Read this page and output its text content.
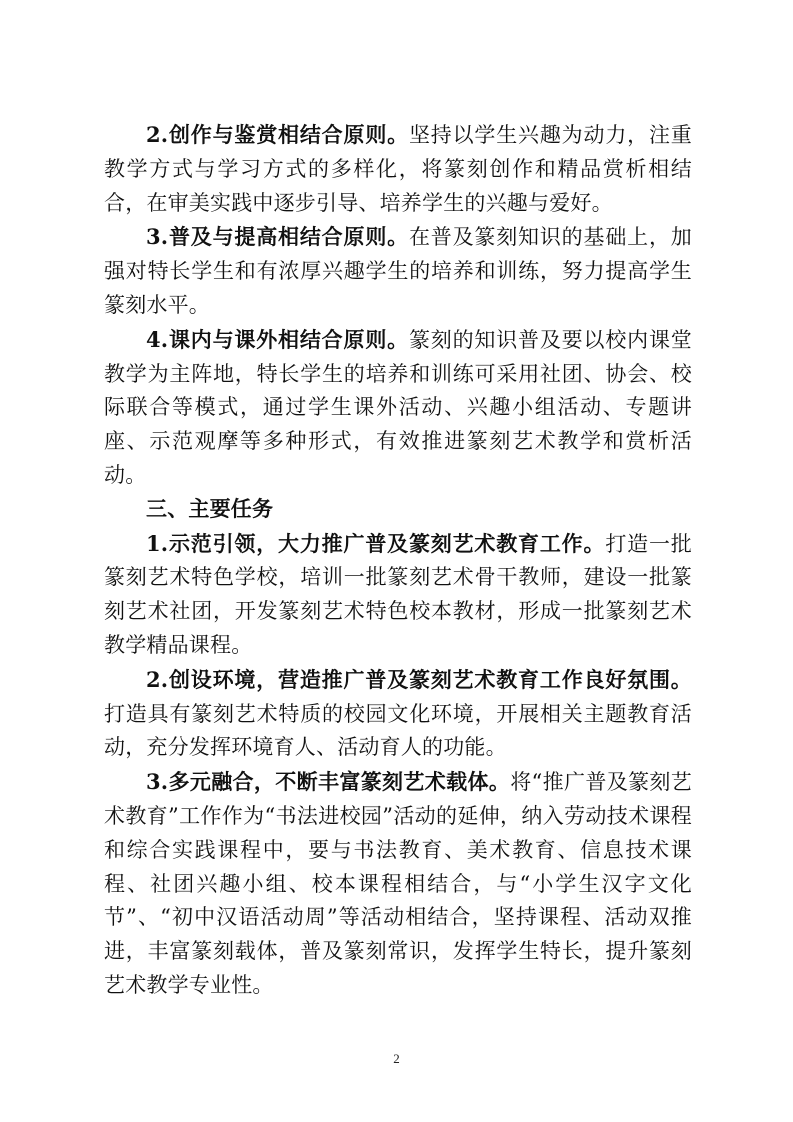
2.创作与鉴赏相结合原则。坚持以学生兴趣为动力，注重教学方式与学习方式的多样化，将篆刻创作和精品赏析相结合，在审美实践中逐步引导、培养学生的兴趣与爱好。

3.普及与提高相结合原则。在普及篆刻知识的基础上，加强对特长学生和有浓厚兴趣学生的培养和训练，努力提高学生篆刻水平。

4.课内与课外相结合原则。篆刻的知识普及要以校内课堂教学为主阵地，特长学生的培养和训练可采用社团、协会、校际联合等模式，通过学生课外活动、兴趣小组活动、专题讲座、示范观摩等多种形式，有效推进篆刻艺术教学和赏析活动。

三、主要任务

1.示范引领，大力推广普及篆刻艺术教育工作。打造一批篆刻艺术特色学校，培训一批篆刻艺术骨干教师，建设一批篆刻艺术社团，开发篆刻艺术特色校本教材，形成一批篆刻艺术教学精品课程。

2.创设环境，营造推广普及篆刻艺术教育工作良好氛围。打造具有篆刻艺术特质的校园文化环境，开展相关主题教育活动，充分发挥环境育人、活动育人的功能。

3.多元融合，不断丰富篆刻艺术载体。将“推广普及篆刻艺术教育”工作作为“书法进校园”活动的延伸，纳入劳动技术课程和综合实践课程中，要与书法教育、美术教育、信息技术课程、社团兴趣小组、校本课程相结合，与“小学生汉字文化节”、“初中汉语活动周”等活动相结合，坚持课程、活动双推进，丰富篆刻载体，普及篆刻常识，发挥学生特长，提升篆刻艺术教学专业性。

2
